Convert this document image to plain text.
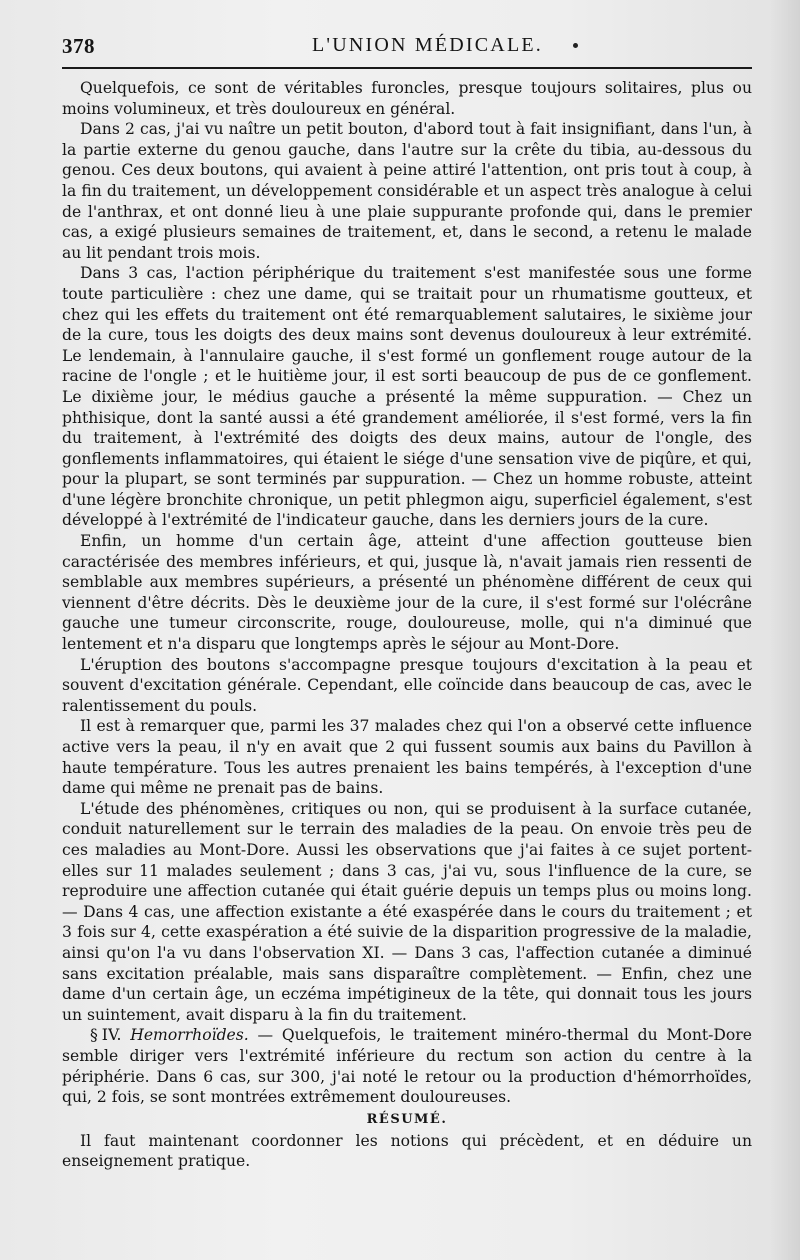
378	L'UNION MÉDICALE.

Quelquefois, ce sont de véritables furoncles, presque toujours solitaires, plus ou moins volumineux, et très douloureux en général.

Dans 2 cas, j'ai vu naître un petit bouton, d'abord tout à fait insignifiant, dans l'un, à la partie externe du genou gauche, dans l'autre sur la crête du tibia, au-dessous du genou. Ces deux boutons, qui avaient à peine attiré l'attention, ont pris tout à coup, à la fin du traitement, un développement considérable et un aspect très analogue à celui de l'anthrax, et ont donné lieu à une plaie suppurante profonde qui, dans le premier cas, a exigé plusieurs semaines de traitement, et, dans le second, a retenu le malade au lit pendant trois mois.

Dans 3 cas, l'action périphérique du traitement s'est manifestée sous une forme toute particulière : chez une dame, qui se traitait pour un rhumatisme goutteux, et chez qui les effets du traitement ont été remarquablement salutaires, le sixième jour de la cure, tous les doigts des deux mains sont devenus douloureux à leur extrémité. Le lendemain, à l'annulaire gauche, il s'est formé un gonflement rouge autour de la racine de l'ongle ; et le huitième jour, il est sorti beaucoup de pus de ce gonflement. Le dixième jour, le médius gauche a présenté la même suppuration. — Chez un phthisique, dont la santé aussi a été grandement améliorée, il s'est formé, vers la fin du traitement, à l'extrémité des doigts des deux mains, autour de l'ongle, des gonflements inflammatoires, qui étaient le siége d'une sensation vive de piqûre, et qui, pour la plupart, se sont terminés par suppuration. — Chez un homme robuste, atteint d'une légère bronchite chronique, un petit phlegmon aigu, superficiel également, s'est développé à l'extrémité de l'indicateur gauche, dans les derniers jours de la cure.

Enfin, un homme d'un certain âge, atteint d'une affection goutteuse bien caractérisée des membres inférieurs, et qui, jusque là, n'avait jamais rien ressenti de semblable aux membres supérieurs, a présenté un phénomène différent de ceux qui viennent d'être décrits. Dès le deuxième jour de la cure, il s'est formé sur l'olécrâne gauche une tumeur circonscrite, rouge, douloureuse, molle, qui n'a diminué que lentement et n'a disparu que longtemps après le séjour au Mont-Dore.

L'éruption des boutons s'accompagne presque toujours d'excitation à la peau et souvent d'excitation générale. Cependant, elle coïncide dans beaucoup de cas, avec le ralentissement du pouls.

Il est à remarquer que, parmi les 37 malades chez qui l'on a observé cette influence active vers la peau, il n'y en avait que 2 qui fussent soumis aux bains du Pavillon à haute température. Tous les autres prenaient les bains tempérés, à l'exception d'une dame qui même ne prenait pas de bains.

L'étude des phénomènes, critiques ou non, qui se produisent à la surface cutanée, conduit naturellement sur le terrain des maladies de la peau. On envoie très peu de ces maladies au Mont-Dore. Aussi les observations que j'ai faites à ce sujet portent-elles sur 11 malades seulement ; dans 3 cas, j'ai vu, sous l'influence de la cure, se reproduire une affection cutanée qui était guérie depuis un temps plus ou moins long. — Dans 4 cas, une affection existante a été exaspérée dans le cours du traitement ; et 3 fois sur 4, cette exaspération a été suivie de la disparition progressive de la maladie, ainsi qu'on l'a vu dans l'observation XI. — Dans 3 cas, l'affection cutanée a diminué sans excitation préalable, mais sans disparaître complètement. — Enfin, chez une dame d'un certain âge, un eczéma impétigineux de la tête, qui donnait tous les jours un suintement, avait disparu à la fin du traitement.

§ IV. Hemorrhoïdes. — Quelquefois, le traitement minéro-thermal du Mont-Dore semble diriger vers l'extrémité inférieure du rectum son action du centre à la périphérie. Dans 6 cas, sur 300, j'ai noté le retour ou la production d'hémorrhoïdes, qui, 2 fois, se sont montrées extrêmement douloureuses.

RÉSUMÉ.

Il faut maintenant coordonner les notions qui précèdent, et en déduire un enseignement pratique.
